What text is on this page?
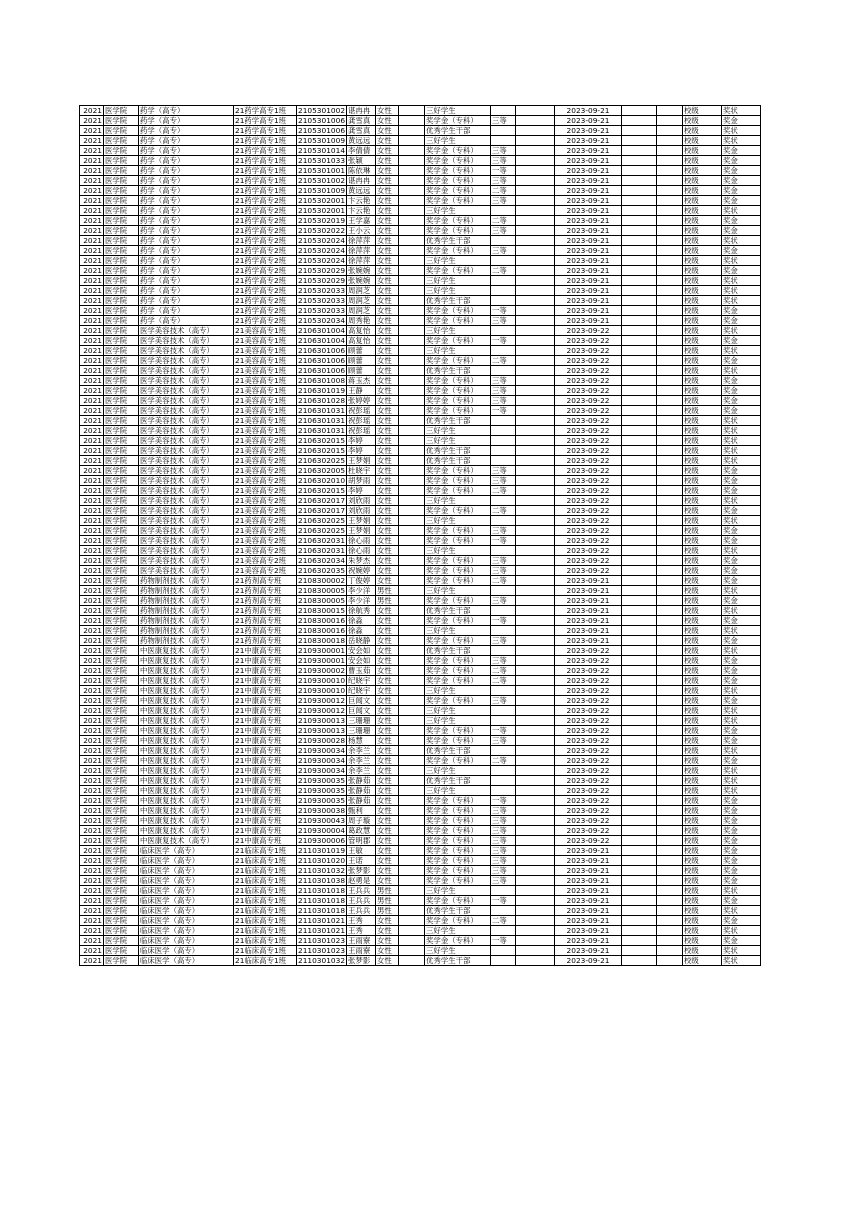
2021	医学院	药学（高专）	21药学高专1班	2105301002	谌冉冉	女性		三好学生			2023-09-21			校级	奖状
2021	医学院	药学（高专）	21药学高专1班	2105301006	龚雪真	女性		奖学金（专科）	三等		2023-09-21			校级	奖金
2021	医学院	药学（高专）	21药学高专1班	2105301006	龚雪真	女性		优秀学生干部			2023-09-21			校级	奖状
2021	医学院	药学（高专）	21药学高专1班	2105301009	黄远远	女性		三好学生			2023-09-21			校级	奖状
2021	医学院	药学（高专）	21药学高专1班	2105301014	李倩倩	女性		奖学金（专科）	三等		2023-09-21			校级	奖金
2021	医学院	药学（高专）	21药学高专1班	2105301033	张颖	女性		奖学金（专科）	三等		2023-09-21			校级	奖金
2021	医学院	药学（高专）	21药学高专1班	2105301001	陈依琳	女性		奖学金（专科）	一等		2023-09-21			校级	奖金
2021	医学院	药学（高专）	21药学高专1班	2105301002	谌冉冉	女性		奖学金（专科）	三等		2023-09-21			校级	奖金
2021	医学院	药学（高专）	21药学高专1班	2105301009	黄远远	女性		奖学金（专科）	二等		2023-09-21			校级	奖金
2021	医学院	药学（高专）	21药学高专2班	2105302001	卞云艳	女性		奖学金（专科）	三等		2023-09-21			校级	奖金
2021	医学院	药学（高专）	21药学高专2班	2105302001	卞云艳	女性		三好学生			2023-09-21			校级	奖状
2021	医学院	药学（高专）	21药学高专2班	2105302019	王学嘉	女性		奖学金（专科）	二等		2023-09-21			校级	奖金
2021	医学院	药学（高专）	21药学高专2班	2105302022	王小云	女性		奖学金（专科）	三等		2023-09-21			校级	奖金
2021	医学院	药学（高专）	21药学高专2班	2105302024	徐萍萍	女性		优秀学生干部			2023-09-21			校级	奖状
2021	医学院	药学（高专）	21药学高专2班	2105302024	徐萍萍	女性		奖学金（专科）	三等		2023-09-21			校级	奖金
2021	医学院	药学（高专）	21药学高专2班	2105302024	徐萍萍	女性		三好学生			2023-09-21			校级	奖状
2021	医学院	药学（高专）	21药学高专2班	2105302029	张婉婉	女性		奖学金（专科）	二等		2023-09-21			校级	奖金
2021	医学院	药学（高专）	21药学高专2班	2105302029	张婉婉	女性		三好学生			2023-09-21			校级	奖状
2021	医学院	药学（高专）	21药学高专2班	2105302033	周润芝	女性		三好学生			2023-09-21			校级	奖状
2021	医学院	药学（高专）	21药学高专2班	2105302033	周润芝	女性		优秀学生干部			2023-09-21			校级	奖状
2021	医学院	药学（高专）	21药学高专2班	2105302033	周润芝	女性		奖学金（专科）	一等		2023-09-21			校级	奖金
2021	医学院	药学（高专）	21药学高专2班	2105302034	周秀艳	女性		奖学金（专科）	三等		2023-09-21			校级	奖金
2021	医学院	医学美容技术（高专）	21美容高专1班	2106301004	高复怡	女性		三好学生			2023-09-22			校级	奖状
2021	医学院	医学美容技术（高专）	21美容高专1班	2106301004	高复怡	女性		奖学金（专科）	一等		2023-09-22			校级	奖金
2021	医学院	医学美容技术（高专）	21美容高专1班	2106301006	顾蕾	女性		三好学生			2023-09-22			校级	奖状
2021	医学院	医学美容技术（高专）	21美容高专1班	2106301006	顾蕾	女性		奖学金（专科）	二等		2023-09-22			校级	奖金
2021	医学院	医学美容技术（高专）	21美容高专1班	2106301006	顾蕾	女性		优秀学生干部			2023-09-22			校级	奖状
2021	医学院	医学美容技术（高专）	21美容高专1班	2106301008	蒋玉杰	女性		奖学金（专科）	三等		2023-09-22			校级	奖金
2021	医学院	医学美容技术（高专）	21美容高专1班	2106301019	王静	女性		奖学金（专科）	三等		2023-09-22			校级	奖金
2021	医学院	医学美容技术（高专）	21美容高专1班	2106301028	张婷婷	女性		奖学金（专科）	三等		2023-09-22			校级	奖金
2021	医学院	医学美容技术（高专）	21美容高专1班	2106301031	祝彭瑶	女性		奖学金（专科）	一等		2023-09-22			校级	奖金
2021	医学院	医学美容技术（高专）	21美容高专1班	2106301031	祝彭瑶	女性		优秀学生干部			2023-09-22			校级	奖状
2021	医学院	医学美容技术（高专）	21美容高专1班	2106301031	祝彭瑶	女性		三好学生			2023-09-22			校级	奖状
2021	医学院	医学美容技术（高专）	21美容高专2班	2106302015	李婷	女性		三好学生			2023-09-22			校级	奖状
2021	医学院	医学美容技术（高专）	21美容高专2班	2106302015	李婷	女性		优秀学生干部			2023-09-22			校级	奖状
2021	医学院	医学美容技术（高专）	21美容高专2班	2106302025	王梦娟	女性		优秀学生干部			2023-09-22			校级	奖状
2021	医学院	医学美容技术（高专）	21美容高专2班	2106302005	杜晓宇	女性		奖学金（专科）	三等		2023-09-22			校级	奖金
2021	医学院	医学美容技术（高专）	21美容高专2班	2106302010	胡梦雨	女性		奖学金（专科）	三等		2023-09-22			校级	奖金
2021	医学院	医学美容技术（高专）	21美容高专2班	2106302015	李婷	女性		奖学金（专科）	二等		2023-09-22			校级	奖金
2021	医学院	医学美容技术（高专）	21美容高专2班	2106302017	刘欣雨	女性		三好学生			2023-09-22			校级	奖状
2021	医学院	医学美容技术（高专）	21美容高专2班	2106302017	刘欣雨	女性		奖学金（专科）	二等		2023-09-22			校级	奖金
2021	医学院	医学美容技术（高专）	21美容高专2班	2106302025	王梦娟	女性		三好学生			2023-09-22			校级	奖状
2021	医学院	医学美容技术（高专）	21美容高专2班	2106302025	王梦娟	女性		奖学金（专科）	三等		2023-09-22			校级	奖金
2021	医学院	医学美容技术（高专）	21美容高专2班	2106302031	徐心雨	女性		奖学金（专科）	一等		2023-09-22			校级	奖金
2021	医学院	医学美容技术（高专）	21美容高专2班	2106302031	徐心雨	女性		三好学生			2023-09-22			校级	奖状
2021	医学院	医学美容技术（高专）	21美容高专2班	2106302034	朱梦杰	女性		奖学金（专科）	三等		2023-09-22			校级	奖金
2021	医学院	医学美容技术（高专）	21美容高专2班	2106302035	祝婉婷	女性		奖学金（专科）	三等		2023-09-22			校级	奖金
2021	医学院	药物制剂技术（高专）	21药剂高专班	2108300002	丁俊婷	女性		奖学金（专科）	二等		2023-09-21			校级	奖金
2021	医学院	药物制剂技术（高专）	21药剂高专班	2108300005	李少洋	男性		三好学生			2023-09-21			校级	奖状
2021	医学院	药物制剂技术（高专）	21药剂高专班	2108300005	李少洋	男性		奖学金（专科）	三等		2023-09-21			校级	奖金
2021	医学院	药物制剂技术（高专）	21药剂高专班	2108300015	徐航秀	女性		优秀学生干部			2023-09-21			校级	奖状
2021	医学院	药物制剂技术（高专）	21药剂高专班	2108300016	徐淼	女性		奖学金（专科）	一等		2023-09-21			校级	奖金
2021	医学院	药物制剂技术（高专）	21药剂高专班	2108300016	徐淼	女性		三好学生			2023-09-21			校级	奖状
2021	医学院	药物制剂技术（高专）	21药剂高专班	2108300018	岳晓静	女性		奖学金（专科）	三等		2023-09-21			校级	奖金
2021	医学院	中医康复技术（高专）	21中康高专班	2109300001	安会如	女性		优秀学生干部			2023-09-22			校级	奖状
2021	医学院	中医康复技术（高专）	21中康高专班	2109300001	安会如	女性		奖学金（专科）	三等		2023-09-22			校级	奖金
2021	医学院	中医康复技术（高专）	21中康高专班	2109300002	曹玉茹	女性		奖学金（专科）	二等		2023-09-22			校级	奖金
2021	医学院	中医康复技术（高专）	21中康高专班	2109300010	纪晓宇	女性		奖学金（专科）	二等		2023-09-22			校级	奖金
2021	医学院	中医康复技术（高专）	21中康高专班	2109300010	纪晓宇	女性		三好学生			2023-09-22			校级	奖状
2021	医学院	中医康复技术（高专）	21中康高专班	2109300012	巨闻文	女性		奖学金（专科）	三等		2023-09-22			校级	奖金
2021	医学院	中医康复技术（高专）	21中康高专班	2109300012	巨闻文	女性		三好学生			2023-09-22			校级	奖状
2021	医学院	中医康复技术（高专）	21中康高专班	2109300013	三珊珊	女性		三好学生			2023-09-22			校级	奖状
2021	医学院	中医康复技术（高专）	21中康高专班	2109300013	三珊珊	女性		奖学金（专科）	一等		2023-09-22			校级	奖金
2021	医学院	中医康复技术（高专）	21中康高专班	2109300028	杨慧	女性		奖学金（专科）	三等		2023-09-22			校级	奖金
2021	医学院	中医康复技术（高专）	21中康高专班	2109300034	余李兰	女性		优秀学生干部			2023-09-22			校级	奖状
2021	医学院	中医康复技术（高专）	21中康高专班	2109300034	余李兰	女性		奖学金（专科）	二等		2023-09-22			校级	奖金
2021	医学院	中医康复技术（高专）	21中康高专班	2109300034	余李兰	女性		三好学生			2023-09-22			校级	奖状
2021	医学院	中医康复技术（高专）	21中康高专班	2109300035	张静茹	女性		优秀学生干部			2023-09-22			校级	奖状
2021	医学院	中医康复技术（高专）	21中康高专班	2109300035	张静茹	女性		三好学生			2023-09-22			校级	奖状
2021	医学院	中医康复技术（高专）	21中康高专班	2109300035	张静茹	女性		奖学金（专科）	一等		2023-09-22			校级	奖金
2021	医学院	中医康复技术（高专）	21中康高专班	2109300038	甄利	女性		奖学金（专科）	三等		2023-09-22			校级	奖金
2021	医学院	中医康复技术（高专）	21中康高专班	2109300043	周子璇	女性		奖学金（专科）	三等		2023-09-22			校级	奖金
2021	医学院	中医康复技术（高专）	21中康高专班	2109300004	葛政慧	女性		奖学金（专科）	三等		2023-09-22			校级	奖金
2021	医学院	中医康复技术（高专）	21中康高专班	2109300006	管明郡	女性		奖学金（专科）	三等		2023-09-22			校级	奖金
2021	医学院	临床医学（高专）	21临床高专1班	2110301019	王敏	女性		奖学金（专科）	三等		2023-09-21			校级	奖金
2021	医学院	临床医学（高专）	21临床高专1班	2110301020	王诺	女性		奖学金（专科）	三等		2023-09-21			校级	奖金
2021	医学院	临床医学（高专）	21临床高专1班	2110301032	张梦影	女性		奖学金（专科）	三等		2023-09-21			校级	奖金
2021	医学院	临床医学（高专）	21临床高专1班	2110301038	赵勇是	女性		奖学金（专科）	三等		2023-09-21			校级	奖金
2021	医学院	临床医学（高专）	21临床高专1班	2110301018	王兵兵	男性		三好学生			2023-09-21			校级	奖状
2021	医学院	临床医学（高专）	21临床高专1班	2110301018	王兵兵	男性		奖学金（专科）	一等		2023-09-21			校级	奖金
2021	医学院	临床医学（高专）	21临床高专1班	2110301018	王兵兵	男性		优秀学生干部			2023-09-21			校级	奖状
2021	医学院	临床医学（高专）	21临床高专1班	2110301021	王秀	女性		奖学金（专科）	二等		2023-09-21			校级	奖金
2021	医学院	临床医学（高专）	21临床高专1班	2110301021	王秀	女性		三好学生			2023-09-21			校级	奖状
2021	医学院	临床医学（高专）	21临床高专1班	2110301023	王雨寮	女性		奖学金（专科）	一等		2023-09-21			校级	奖金
2021	医学院	临床医学（高专）	21临床高专1班	2110301023	王雨寮	女性		三好学生			2023-09-21			校级	奖状
2021	医学院	临床医学（高专）	21临床高专1班	2110301032	张梦影	女性		优秀学生干部			2023-09-21			校级	奖状
